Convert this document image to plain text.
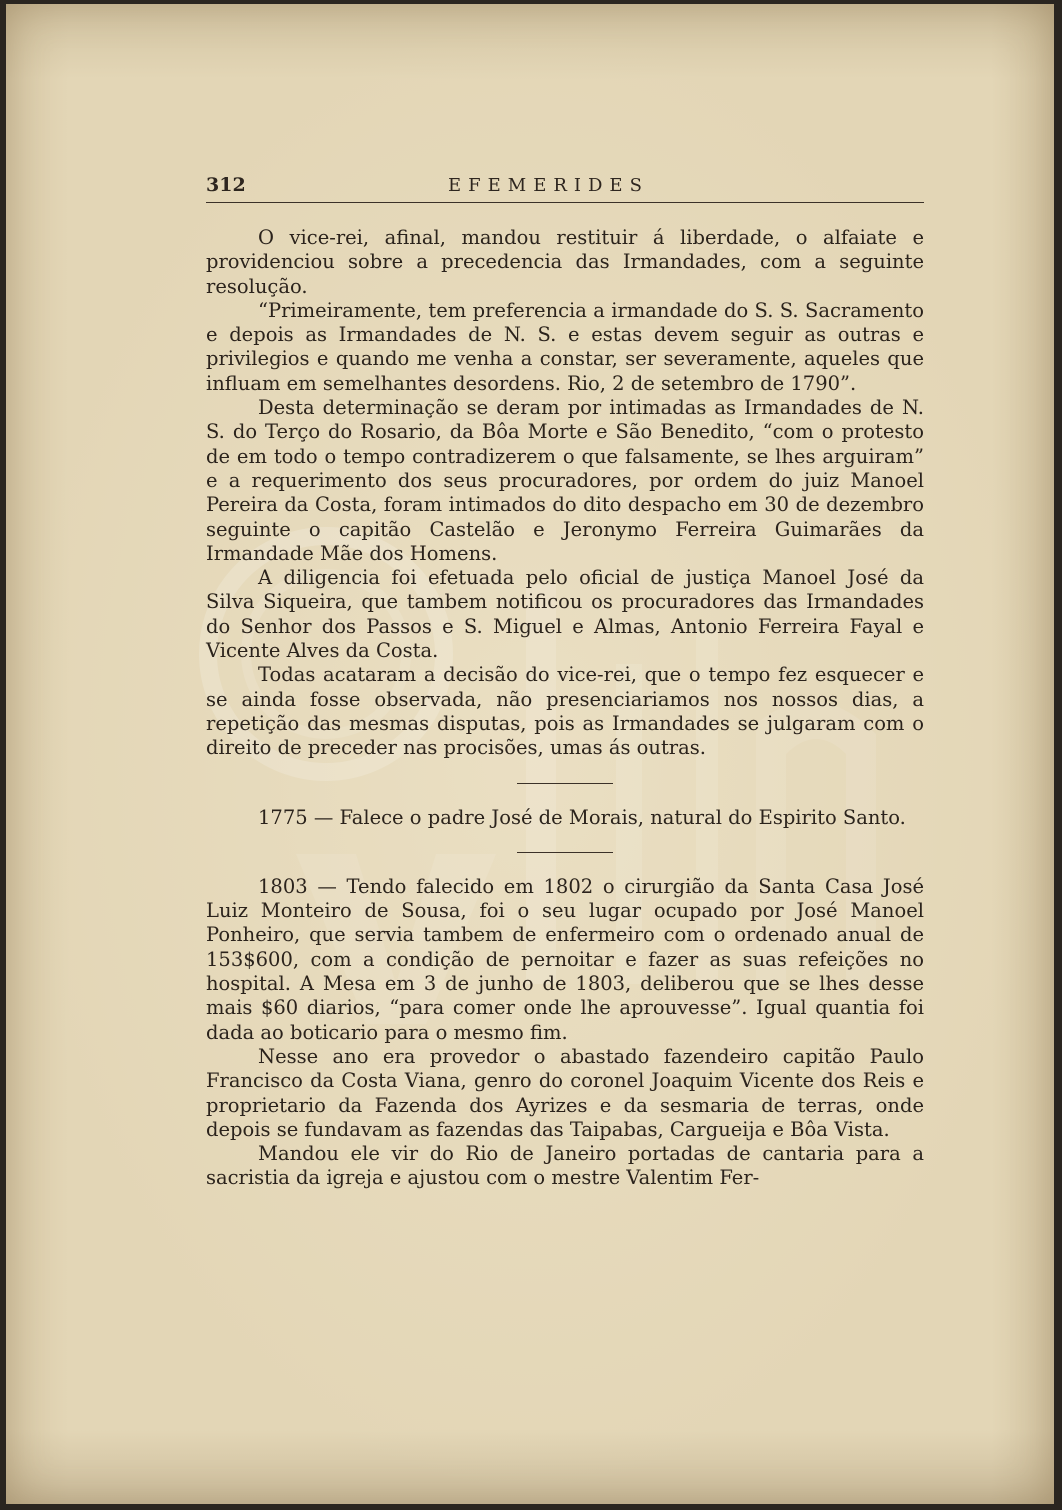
312	EFEMERIDES

O vice-rei, afinal, mandou restituir á liberdade, o alfaiate e providenciou sobre a precedencia das Irmandades, com a seguinte resolução.

“Primeiramente, tem preferencia a irmandade do S. S. Sacramento e depois as Irmandades de N. S. e estas devem seguir as outras e privilegios e quando me venha a constar, ser severamente, aqueles que influam em semelhantes desordens. Rio, 2 de setembro de 1790”.

Desta determinação se deram por intimadas as Irmandades de N. S. do Terço do Rosario, da Bôa Morte e São Benedito, “com o protesto de em todo o tempo contradizerem o que falsamente, se lhes arguiram” e a requerimento dos seus procuradores, por ordem do juiz Manoel Pereira da Costa, foram intimados do dito despacho em 30 de dezembro seguinte o capitão Castelão e Jeronymo Ferreira Guimarães da Irmandade Mãe dos Homens.

A diligencia foi efetuada pelo oficial de justiça Manoel José da Silva Siqueira, que tambem notificou os procuradores das Irmandades do Senhor dos Passos e S. Miguel e Almas, Antonio Ferreira Fayal e Vicente Alves da Costa.

Todas acataram a decisão do vice-rei, que o tempo fez esquecer e se ainda fosse observada, não presenciariamos nos nossos dias, a repetição das mesmas disputas, pois as Irmandades se julgaram com o direito de preceder nas procisões, umas ás outras.

1775 — Falece o padre José de Morais, natural do Espirito Santo.

1803 — Tendo falecido em 1802 o cirurgião da Santa Casa José Luiz Monteiro de Sousa, foi o seu lugar ocupado por José Manoel Ponheiro, que servia tambem de enfermeiro com o ordenado anual de 153$600, com a condição de pernoitar e fazer as suas refeições no hospital. A Mesa em 3 de junho de 1803, deliberou que se lhes desse mais $60 diarios, “para comer onde lhe aprouvesse”. Igual quantia foi dada ao boticario para o mesmo fim.

Nesse ano era provedor o abastado fazendeiro capitão Paulo Francisco da Costa Viana, genro do coronel Joaquim Vicente dos Reis e proprietario da Fazenda dos Ayrizes e da sesmaria de terras, onde depois se fundavam as fazendas das Taipabas, Cargueija e Bôa Vista.

Mandou ele vir do Rio de Janeiro portadas de cantaria para a sacristia da igreja e ajustou com o mestre Valentim Fer-
